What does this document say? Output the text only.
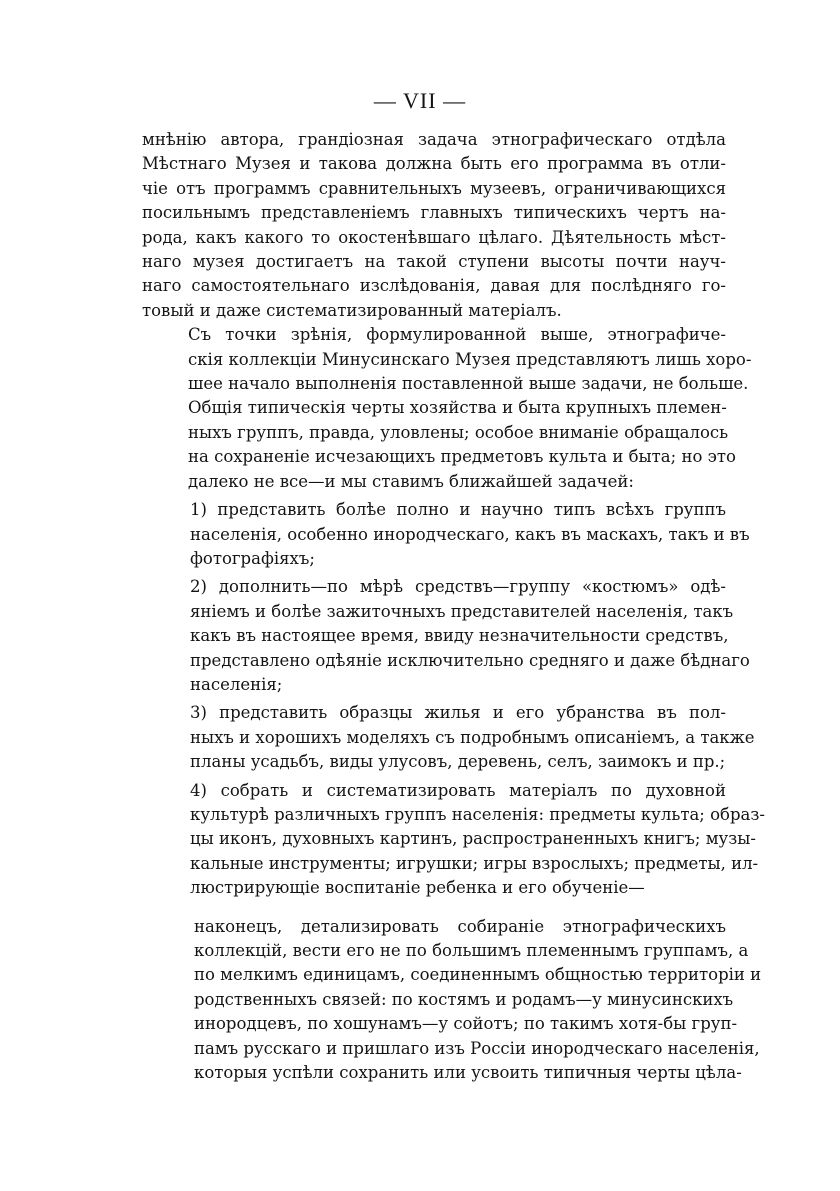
— VII —

мнѣнію автора, грандіозная задача этнографическаго отдѣла
Мѣстнаго Музея и такова должна быть его программа въ отли-
чіе отъ программъ сравнительныхъ музеевъ, ограничивающихся
посильнымъ представленіемъ главныхъ типическихъ чертъ на-
рода, какъ какого то окостенѣвшаго цѣлаго. Дѣятельность мѣст-
наго музея достигаетъ на такой ступени высоты почти науч-
наго самостоятельнаго изслѣдованія, давая для послѣдняго го-
товый и даже систематизированный матеріалъ.

Съ точки зрѣнія, формулированной выше, этнографиче-
скія коллекціи Минусинскаго Музея представляютъ лишь хоро-
шее начало выполненія поставленной выше задачи, не больше.
Общія типическія черты хозяйства и быта крупныхъ племен-
ныхъ группъ, правда, уловлены; особое вниманіе обращалось
на сохраненіе исчезающихъ предметовъ культа и быта; но это
далеко не все—и мы ставимъ ближайшей задачей:

1) представить болѣе полно и научно типъ всѣхъ группъ
населенія, особенно инородческаго, какъ въ маскахъ, такъ и въ
фотографіяхъ;

2) дополнить—по мѣрѣ средствъ—группу «костюмъ» одѣ-
яніемъ и болѣе зажиточныхъ представителей населенія, такъ
какъ въ настоящее время, ввиду незначительности средствъ,
представлено одѣяніе исключительно средняго и даже бѣднаго
населенія;

3) представить образцы жилья и его убранства въ пол-
ныхъ и хорошихъ моделяхъ съ подробнымъ описаніемъ, а также
планы усадьбъ, виды улусовъ, деревень, селъ, заимокъ и пр.;

4) собрать и систематизировать матеріалъ по духовной
культурѣ различныхъ группъ населенія: предметы культа; образ-
цы иконъ, духовныхъ картинъ, распространенныхъ книгъ; музы-
кальные инструменты; игрушки; игры взрослыхъ; предметы, ил-
люстрирующіе воспитаніе ребенка и его обученіе—

наконецъ, детализировать собираніе этнографическихъ
коллекцій, вести его не по большимъ племеннымъ группамъ, а
по мелкимъ единицамъ, соединеннымъ общностью территоріи и
родственныхъ связей: по костямъ и родамъ—у минусинскихъ
инородцевъ, по хошунамъ—у сойотъ; по такимъ хотя-бы груп-
памъ русскаго и пришлаго изъ Россіи инородческаго населенія,
которыя успѣли сохранить или усвоить типичныя черты цѣла-
